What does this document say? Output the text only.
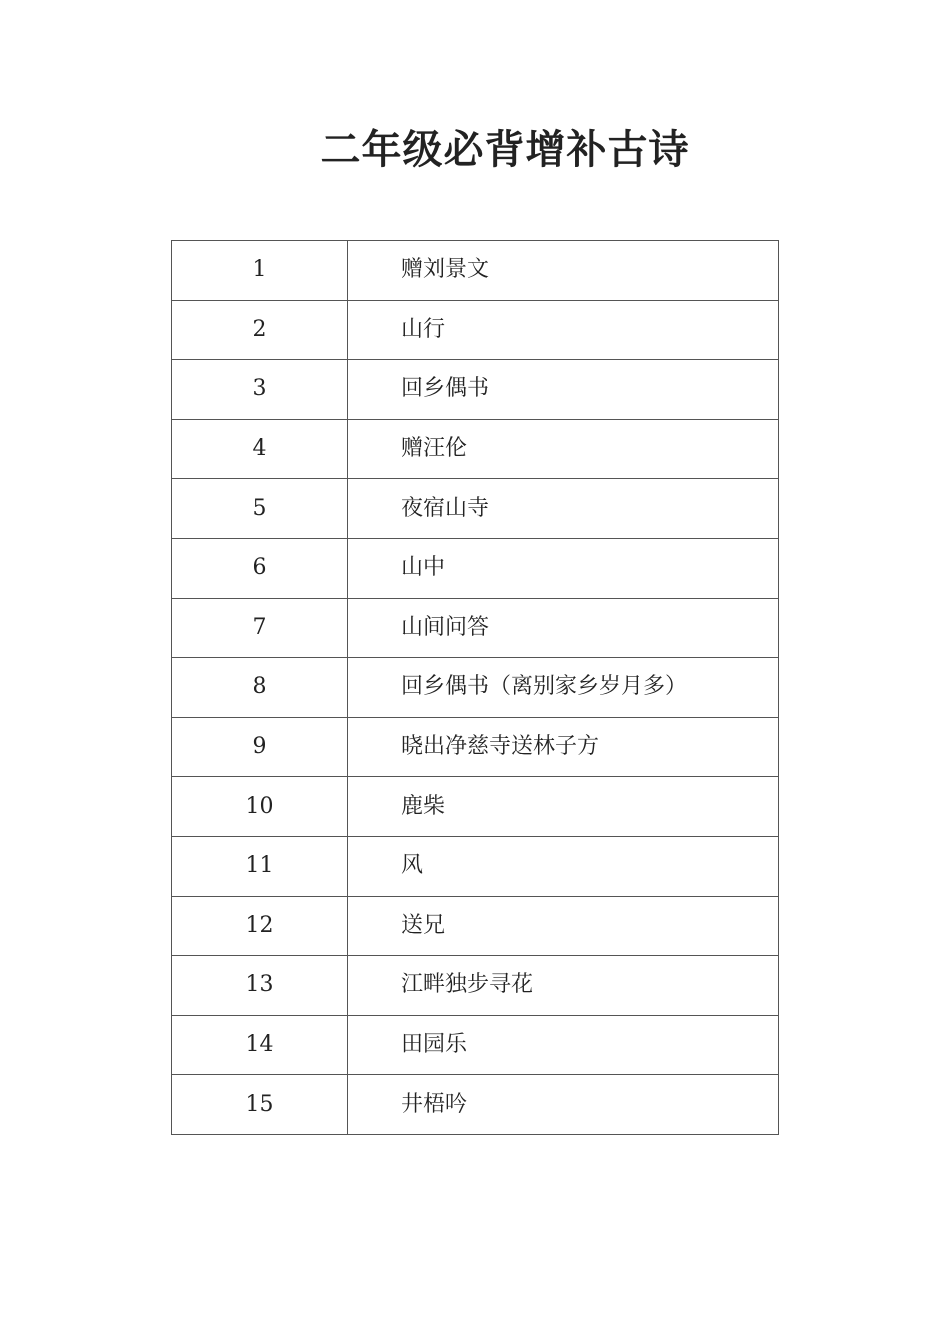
二年级必背增补古诗
1	赠刘景文
2	山行
3	回乡偶书
4	赠汪伦
5	夜宿山寺
6	山中
7	山间问答
8	回乡偶书（离别家乡岁月多）
9	晓出净慈寺送林子方
10	鹿柴
11	风
12	送兄
13	江畔独步寻花
14	田园乐
15	井梧吟
